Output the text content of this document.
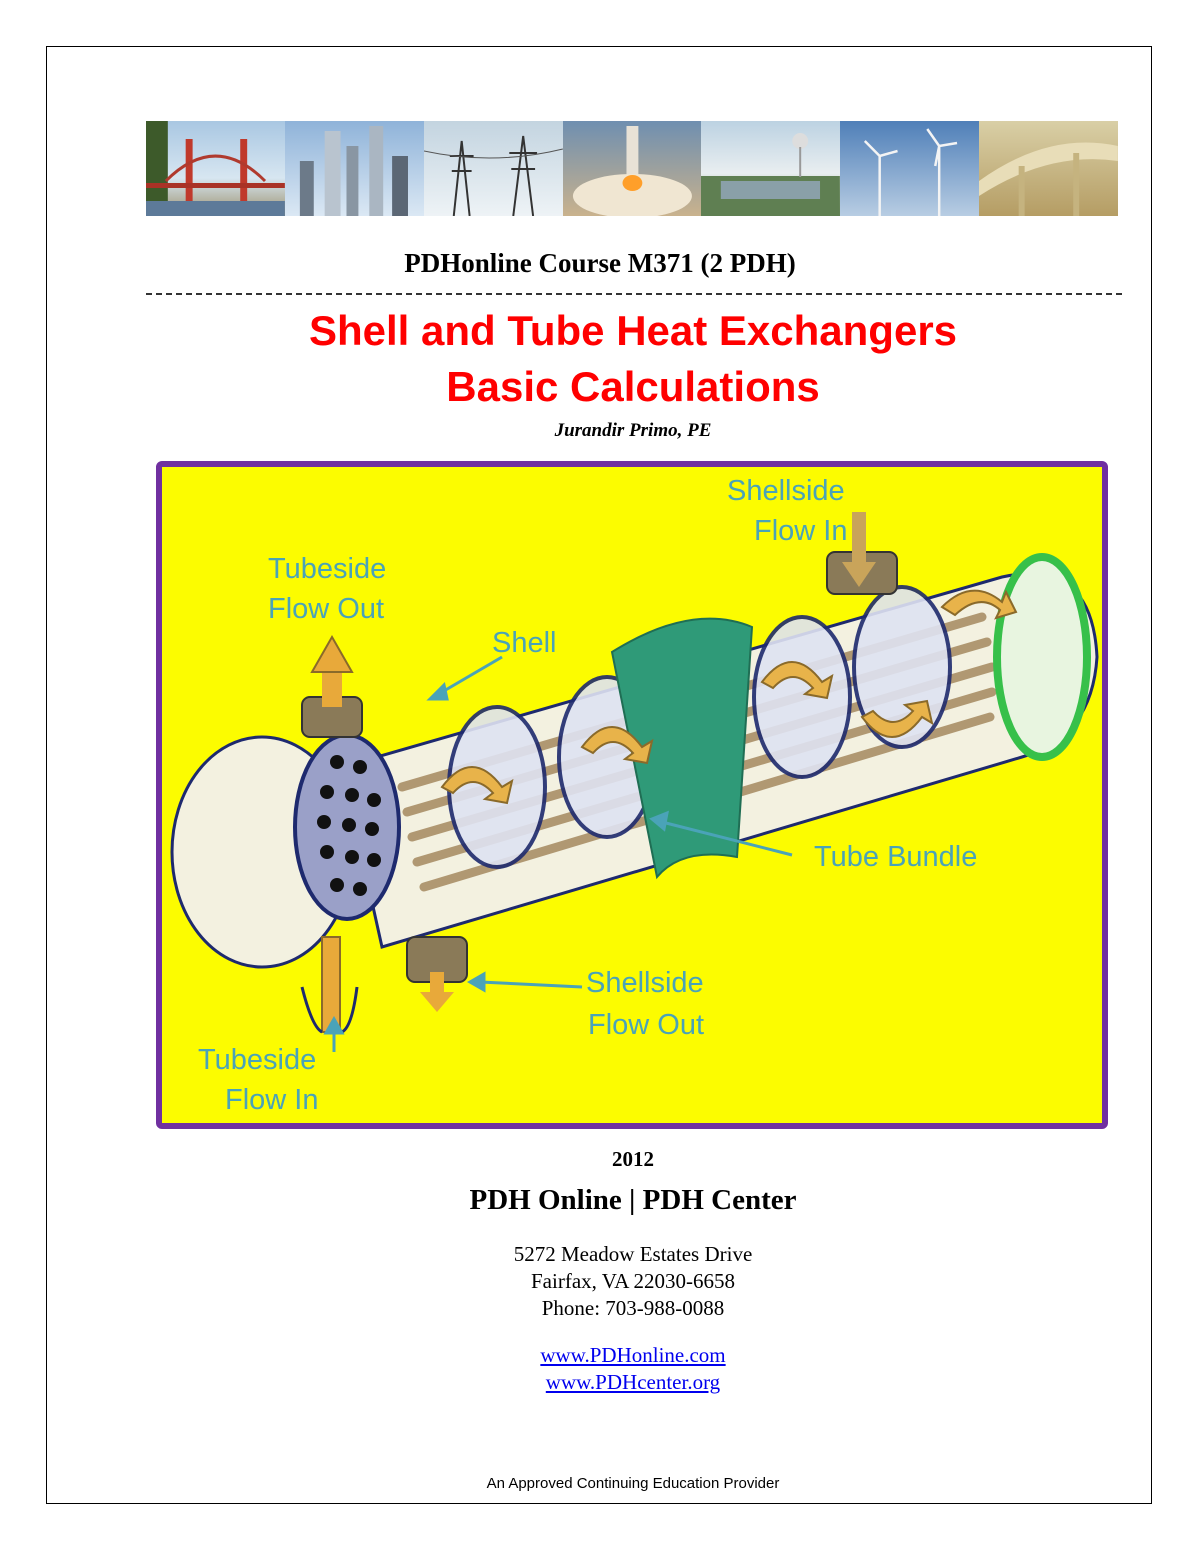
PDHonline Course M371 (2 PDH)
Shell and Tube Heat Exchangers
Basic Calculations
Jurandir Primo, PE
Shellside
Flow In
Tubeside
Flow Out
Shell
Tube Bundle
Shellside
Flow Out
Tubeside
Flow In
2012
PDH Online | PDH Center
5272 Meadow Estates Drive
Fairfax, VA 22030-6658
Phone: 703-988-0088
www.PDHonline.com
www.PDHcenter.org
An Approved Continuing Education Provider
